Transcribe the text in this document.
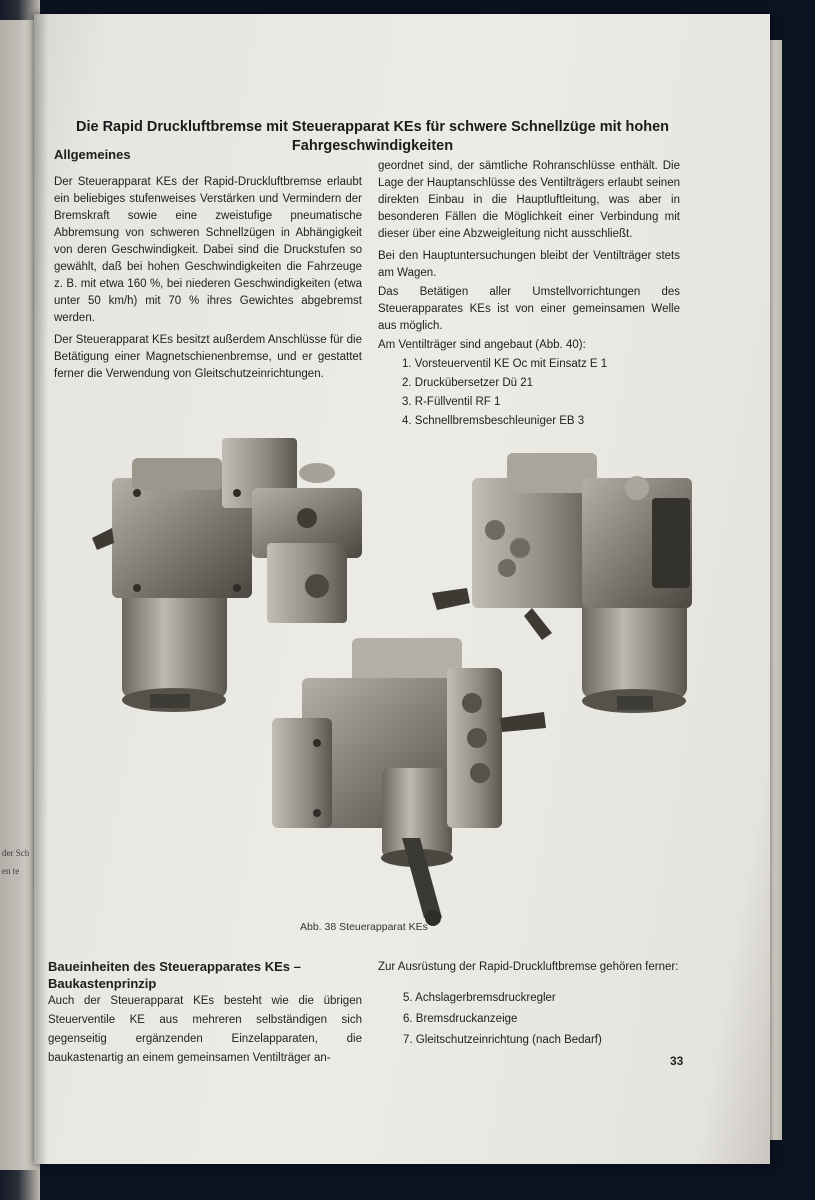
der Sch
en te
Die Rapid Druckluftbremse mit Steuerapparat KEs für schwere Schnellzüge mit hohen Fahrgeschwindigkeiten
Allgemeines

Der Steuerapparat KEs der Rapid-Druckluftbremse erlaubt ein beliebiges stufenweises Verstärken und Vermindern der Bremskraft sowie eine zweistufige pneumatische Abbremsung von schweren Schnellzügen in Abhängigkeit von deren Geschwindigkeit. Dabei sind die Druckstufen so gewählt, daß bei hohen Geschwindigkeiten die Fahrzeuge z. B. mit etwa 160 %, bei niederen Geschwindigkeiten (etwa unter 50 km/h) mit 70 % ihres Gewichtes abgebremst werden.

Der Steuerapparat KEs besitzt außerdem Anschlüsse für die Betätigung einer Magnetschienenbremse, und er gestattet ferner die Verwendung von Gleitschutzeinrichtungen.

geordnet sind, der sämtliche Rohranschlüsse enthält. Die Lage der Hauptanschlüsse des Ventilträgers erlaubt seinen direkten Einbau in die Hauptluftleitung, was aber in besonderen Fällen die Möglichkeit einer Verbindung mit dieser über eine Abzweigleitung nicht ausschließt.

Bei den Hauptuntersuchungen bleibt der Ventilträger stets am Wagen.

Das Betätigen aller Umstellvorrichtungen des Steuerapparates KEs ist von einer gemeinsamen Welle aus möglich.

Am Ventilträger sind angebaut (Abb. 40):

1. Vorsteuerventil KE Oc mit Einsatz E 1
2. Druckübersetzer Dü 21
3. R-Füllventil RF 1
4. Schnellbremsbeschleuniger EB 3
Abb. 38 Steuerapparat KEs
Baueinheiten des Steuerapparates KEs –
Baukastenprinzip

Auch der Steuerapparat KEs besteht wie die übrigen Steuerventile KE aus mehreren selbständigen sich gegenseitig ergänzenden Einzelapparaten, die baukastenartig an einem gemeinsamen Ventilträger an-

Zur Ausrüstung der Rapid-Druckluftbremse gehören ferner:

5. Achslagerbremsdruckregler
6. Bremsdruckanzeige
7. Gleitschutzeinrichtung (nach Bedarf)
33
